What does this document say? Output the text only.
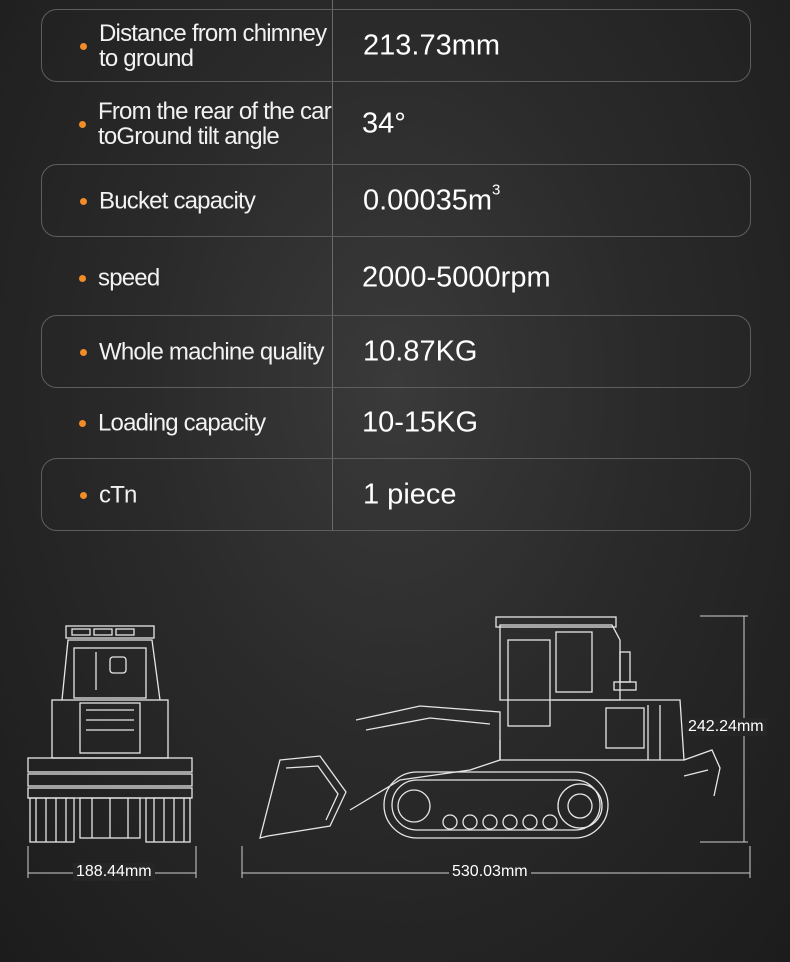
Distance from chimney to ground	213.73mm
From the rear of the car toGround tilt angle	34°
Bucket capacity	$0.00035m^3$
speed	2000-5000rpm
Whole machine quality	10.87KG
Loading capacity	10-15KG
cTn	1 piece
188.44mm	530.03mm
242.24mm
